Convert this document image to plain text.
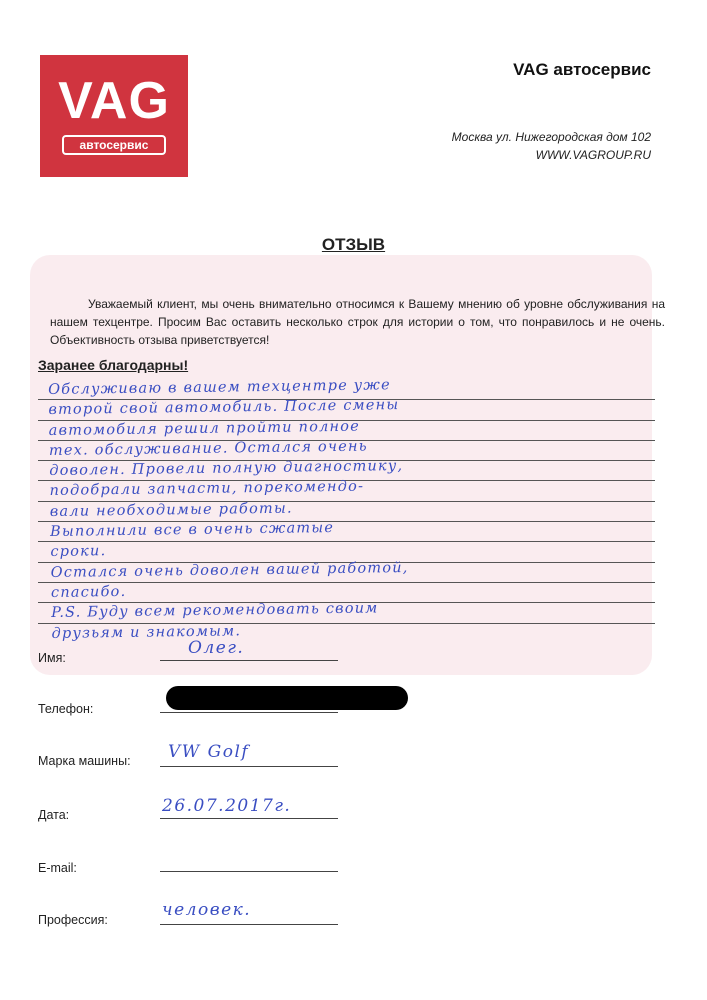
VAG
автосервис
VAG автосервис
Москва ул. Нижегородская дом 102
WWW.VAGROUP.RU
ОТЗЫВ
Уважаемый клиент, мы очень внимательно относимся к Вашему мнению об уровне обслуживания на нашем техцентре. Просим Вас оставить несколько строк для истории о том, что понравилось и не очень. Объективность отзыва приветствуется!
Заранее благодарны!
Обслуживаю в вашем техцентре уже
второй свой автомобиль. После смены
автомобиля решил пройти полное
тех. обслуживание. Остался очень
доволен. Провели полную диагностику,
подобрали запчасти, порекомендо-
вали необходимые работы.
Выполнили все в очень сжатые
сроки.
Остался очень доволен вашей работой,
спасибо.
P.S. Буду всем рекомендовать своим
друзьям и знакомым.
Имя:	Олег.
Телефон:
Марка машины: VW Golf
Дата:	26.07.2017г.
E-mail:
Профессия:	человек.
